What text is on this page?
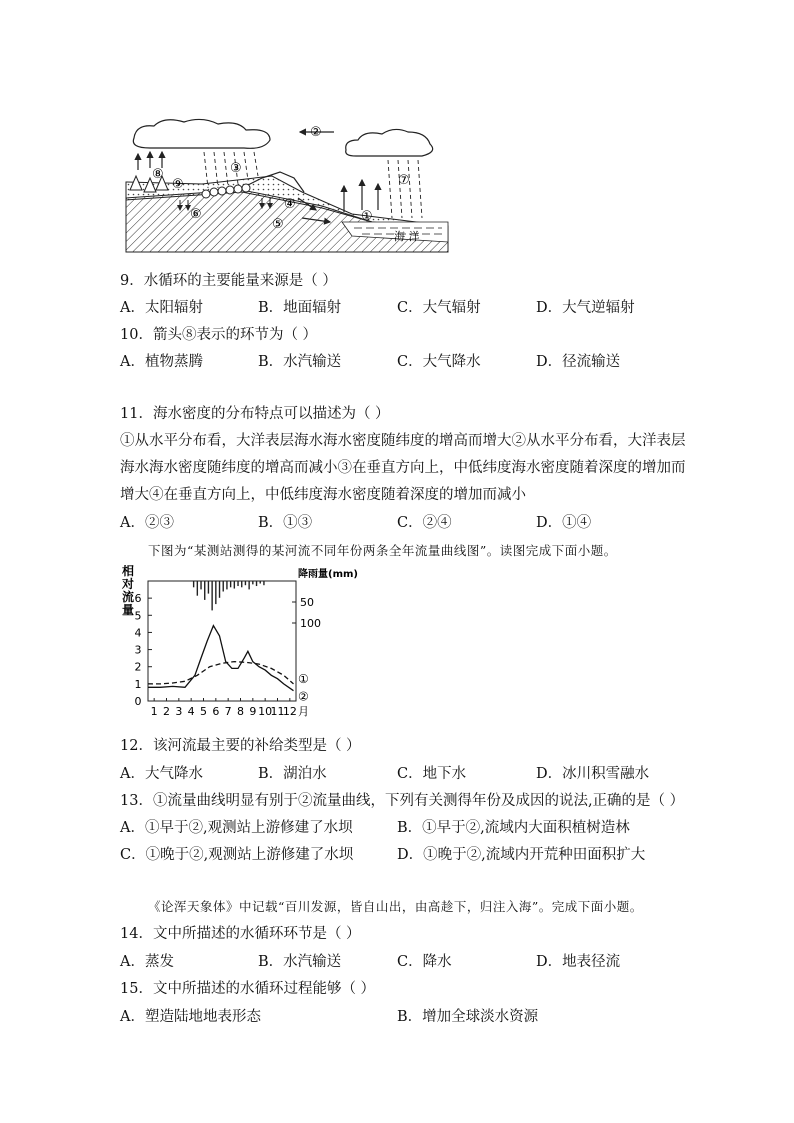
海 洋
①
②
③
④
⑤
⑥
⑦
⑧
⑨
9．水循环的主要能量来源是（ ）
A．太阳辐射	B．地面辐射	C．大气辐射	D．大气逆辐射
10．箭头⑧表示的环节为（ ）
A．植物蒸腾	B．水汽输送	C．大气降水	D．径流输送
11．海水密度的分布特点可以描述为（ ）
①从水平分布看，大洋表层海水海水密度随纬度的增高而增大②从水平分布看，大洋表层
海水海水密度随纬度的增高而减小③在垂直方向上，中低纬度海水密度随着深度的增加而
增大④在垂直方向上，中低纬度海水密度随着深度的增加而减小
A．②③	B．①③	C．②④	D．①④
下图为“某测站测得的某河流不同年份两条全年流量曲线图”。读图完成下面小题。
相
对
流
量
降雨量(mm)
0
1
2
3
4
5
6	50
100
1 2 3 4 5 6 7 8 9 10
11
12 月
①
②
12．该河流最主要的补给类型是（ ）
A．大气降水	B．湖泊水	C．地下水	D．冰川积雪融水
13．①流量曲线明显有别于②流量曲线，下列有关测得年份及成因的说法,正确的是（ ）
A．①早于②,观测站上游修建了水坝	B．①早于②,流域内大面积植树造林
C．①晚于②,观测站上游修建了水坝	D．①晚于②,流域内开荒种田面积扩大
《论浑天象体》中记载“百川发源，皆自山出，由高趁下，归注入海”。完成下面小题。
14．文中所描述的水循环环节是（ ）
A．蒸发	B．水汽输送	C．降水	D．地表径流
15．文中所描述的水循环过程能够（ ）
A．塑造陆地地表形态	B．增加全球淡水资源
